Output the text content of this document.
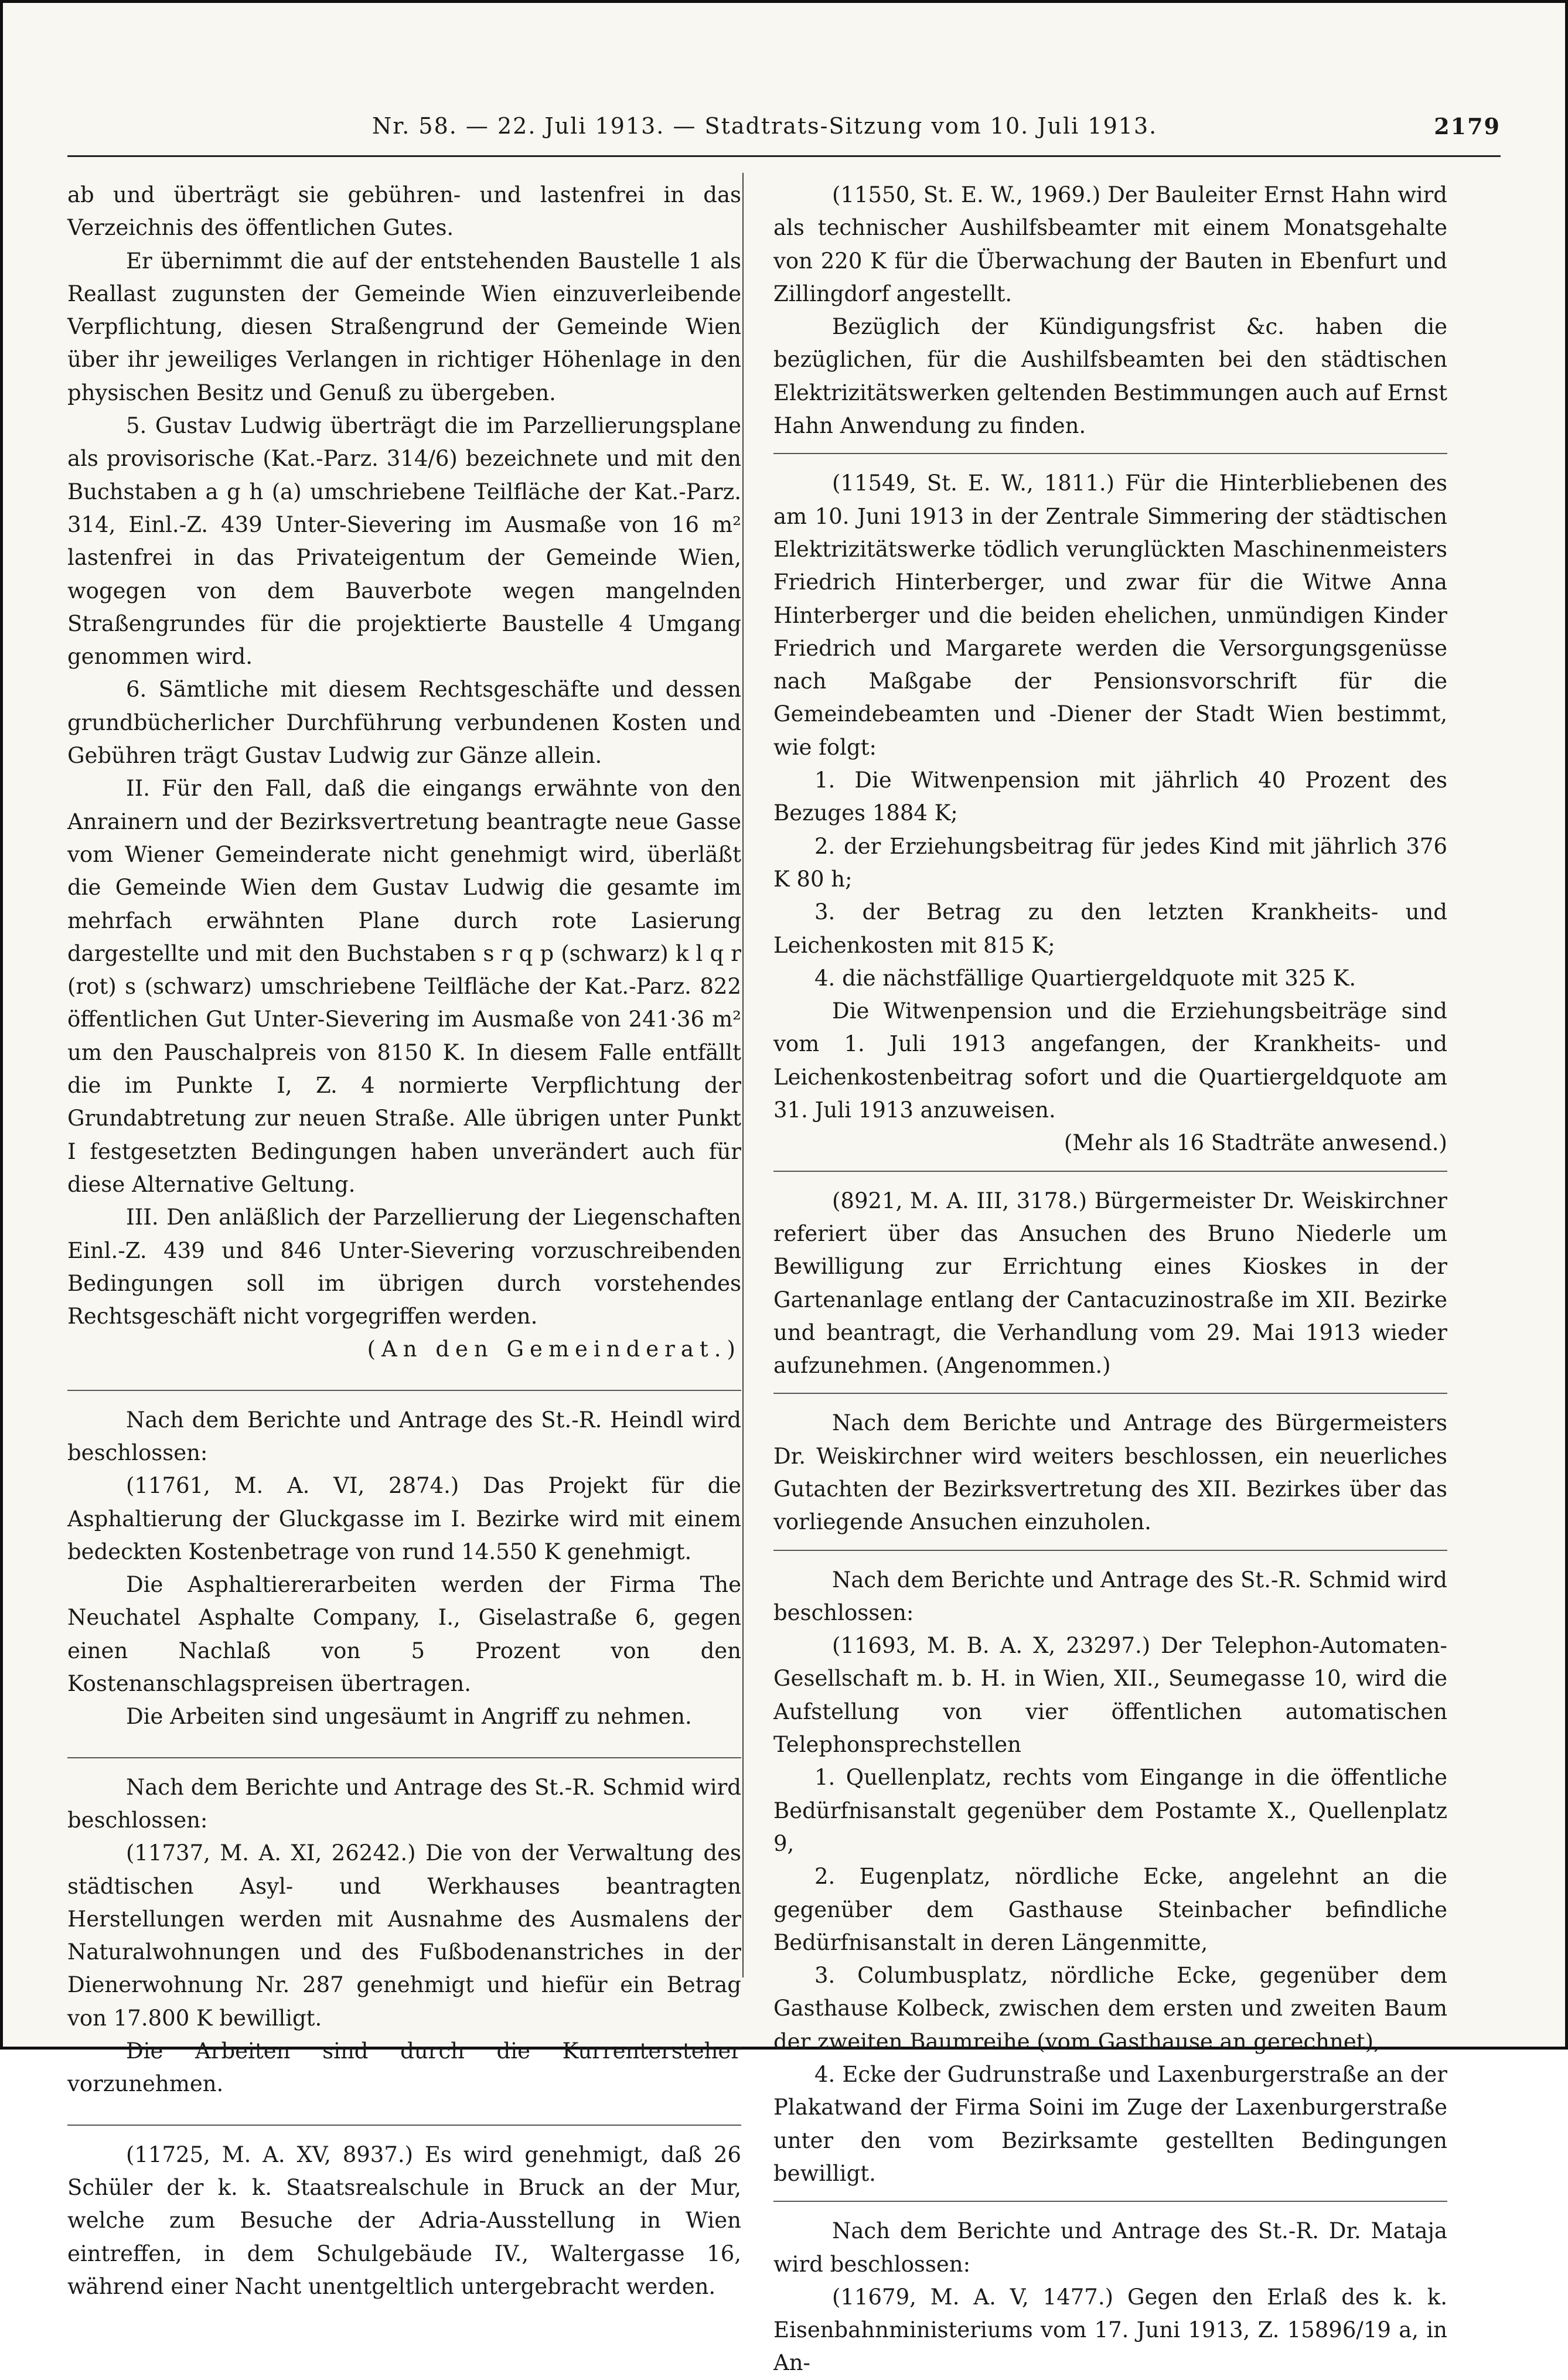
Nr. 58. — 22. Juli 1913. — Stadtrats-Sitzung vom 10. Juli 1913.	2179

ab und überträgt sie gebühren- und lastenfrei in das Verzeichnis des öffentlichen Gutes.

Er übernimmt die auf der entstehenden Baustelle 1 als Reallast zugunsten der Gemeinde Wien einzuverleibende Verpflichtung, diesen Straßengrund der Gemeinde Wien über ihr jeweiliges Verlangen in richtiger Höhenlage in den physischen Besitz und Genuß zu übergeben.

5. Gustav Ludwig überträgt die im Parzellierungsplane als provisorische (Kat.-Parz. 314/6) bezeichnete und mit den Buchstaben a g h (a) umschriebene Teilfläche der Kat.-Parz. 314, Einl.-Z. 439 Unter-Sievering im Ausmaße von 16 m² lastenfrei in das Privateigentum der Gemeinde Wien, wogegen von dem Bauverbote wegen mangelnden Straßengrundes für die projektierte Baustelle 4 Umgang genommen wird.

6. Sämtliche mit diesem Rechtsgeschäfte und dessen grundbücherlicher Durchführung verbundenen Kosten und Gebühren trägt Gustav Ludwig zur Gänze allein.

II. Für den Fall, daß die eingangs erwähnte von den Anrainern und der Bezirksvertretung beantragte neue Gasse vom Wiener Gemeinderate nicht genehmigt wird, überläßt die Gemeinde Wien dem Gustav Ludwig die gesamte im mehrfach erwähnten Plane durch rote Lasierung dargestellte und mit den Buchstaben s r q p (schwarz) k l q r (rot) s (schwarz) umschriebene Teilfläche der Kat.-Parz. 822 öffentlichen Gut Unter-Sievering im Ausmaße von 241·36 m² um den Pauschalpreis von 8150 K. In diesem Falle entfällt die im Punkte I, Z. 4 normierte Verpflichtung der Grundabtretung zur neuen Straße. Alle übrigen unter Punkt I festgesetzten Bedingungen haben unverändert auch für diese Alternative Geltung.

III. Den anläßlich der Parzellierung der Liegenschaften Einl.-Z. 439 und 846 Unter-Sievering vorzuschreibenden Bedingungen soll im übrigen durch vorstehendes Rechtsgeschäft nicht vorgegriffen werden.

(An den Gemeinderat.)

Nach dem Berichte und Antrage des St.-R. Heindl wird beschlossen:

(11761, M. A. VI, 2874.) Das Projekt für die Asphaltierung der Gluckgasse im I. Bezirke wird mit einem bedeckten Kostenbetrage von rund 14.550 K genehmigt.

Die Asphaltiererarbeiten werden der Firma The Neuchatel Asphalte Company, I., Giselastraße 6, gegen einen Nachlaß von 5 Prozent von den Kostenanschlagspreisen übertragen.

Die Arbeiten sind ungesäumt in Angriff zu nehmen.

Nach dem Berichte und Antrage des St.-R. Schmid wird beschlossen:

(11737, M. A. XI, 26242.) Die von der Verwaltung des städtischen Asyl- und Werkhauses beantragten Herstellungen werden mit Ausnahme des Ausmalens der Naturalwohnungen und des Fußbodenanstriches in der Dienerwohnung Nr. 287 genehmigt und hiefür ein Betrag von 17.800 K bewilligt.

Die Arbeiten sind durch die Kurrentersteher vorzunehmen.

(11725, M. A. XV, 8937.) Es wird genehmigt, daß 26 Schüler der k. k. Staatsrealschule in Bruck an der Mur, welche zum Besuche der Adria-Ausstellung in Wien eintreffen, in dem Schulgebäude IV., Waltergasse 16, während einer Nacht unentgeltlich untergebracht werden.

(11550, St. E. W., 1969.) Der Bauleiter Ernst Hahn wird als technischer Aushilfsbeamter mit einem Monatsgehalte von 220 K für die Überwachung der Bauten in Ebenfurt und Zillingdorf angestellt.

Bezüglich der Kündigungsfrist &c. haben die bezüglichen, für die Aushilfsbeamten bei den städtischen Elektrizitätswerken geltenden Bestimmungen auch auf Ernst Hahn Anwendung zu finden.

(11549, St. E. W., 1811.) Für die Hinterbliebenen des am 10. Juni 1913 in der Zentrale Simmering der städtischen Elektrizitätswerke tödlich verunglückten Maschinenmeisters Friedrich Hinterberger, und zwar für die Witwe Anna Hinterberger und die beiden ehelichen, unmündigen Kinder Friedrich und Margarete werden die Versorgungsgenüsse nach Maßgabe der Pensionsvorschrift für die Gemeindebeamten und -Diener der Stadt Wien bestimmt, wie folgt:

1. Die Witwenpension mit jährlich 40 Prozent des Bezuges 1884 K;

2. der Erziehungsbeitrag für jedes Kind mit jährlich 376 K 80 h;

3. der Betrag zu den letzten Krankheits- und Leichenkosten mit 815 K;

4. die nächstfällige Quartiergeldquote mit 325 K.

Die Witwenpension und die Erziehungsbeiträge sind vom 1. Juli 1913 angefangen, der Krankheits- und Leichenkostenbeitrag sofort und die Quartiergeldquote am 31. Juli 1913 anzuweisen.

(Mehr als 16 Stadträte anwesend.)

(8921, M. A. III, 3178.) Bürgermeister Dr. Weiskirchner referiert über das Ansuchen des Bruno Niederle um Bewilligung zur Errichtung eines Kioskes in der Gartenanlage entlang der Cantacuzinostraße im XII. Bezirke und beantragt, die Verhandlung vom 29. Mai 1913 wieder aufzunehmen. (Angenommen.)

Nach dem Berichte und Antrage des Bürgermeisters Dr. Weiskirchner wird weiters beschlossen, ein neuerliches Gutachten der Bezirksvertretung des XII. Bezirkes über das vorliegende Ansuchen einzuholen.

Nach dem Berichte und Antrage des St.-R. Schmid wird beschlossen:

(11693, M. B. A. X, 23297.) Der Telephon-Automaten-Gesellschaft m. b. H. in Wien, XII., Seumegasse 10, wird die Aufstellung von vier öffentlichen automatischen Telephonsprechstellen

1. Quellenplatz, rechts vom Eingange in die öffentliche Bedürfnisanstalt gegenüber dem Postamte X., Quellenplatz 9,

2. Eugenplatz, nördliche Ecke, angelehnt an die gegenüber dem Gasthause Steinbacher befindliche Bedürfnisanstalt in deren Längenmitte,

3. Columbusplatz, nördliche Ecke, gegenüber dem Gasthause Kolbeck, zwischen dem ersten und zweiten Baum der zweiten Baumreihe (vom Gasthause an gerechnet),

4. Ecke der Gudrunstraße und Laxenburgerstraße an der Plakatwand der Firma Soini im Zuge der Laxenburgerstraße unter den vom Bezirksamte gestellten Bedingungen bewilligt.

Nach dem Berichte und Antrage des St.-R. Dr. Mataja wird beschlossen:

(11679, M. A. V, 1477.) Gegen den Erlaß des k. k. Eisenbahnministeriums vom 17. Juni 1913, Z. 15896/19 a, in An-
